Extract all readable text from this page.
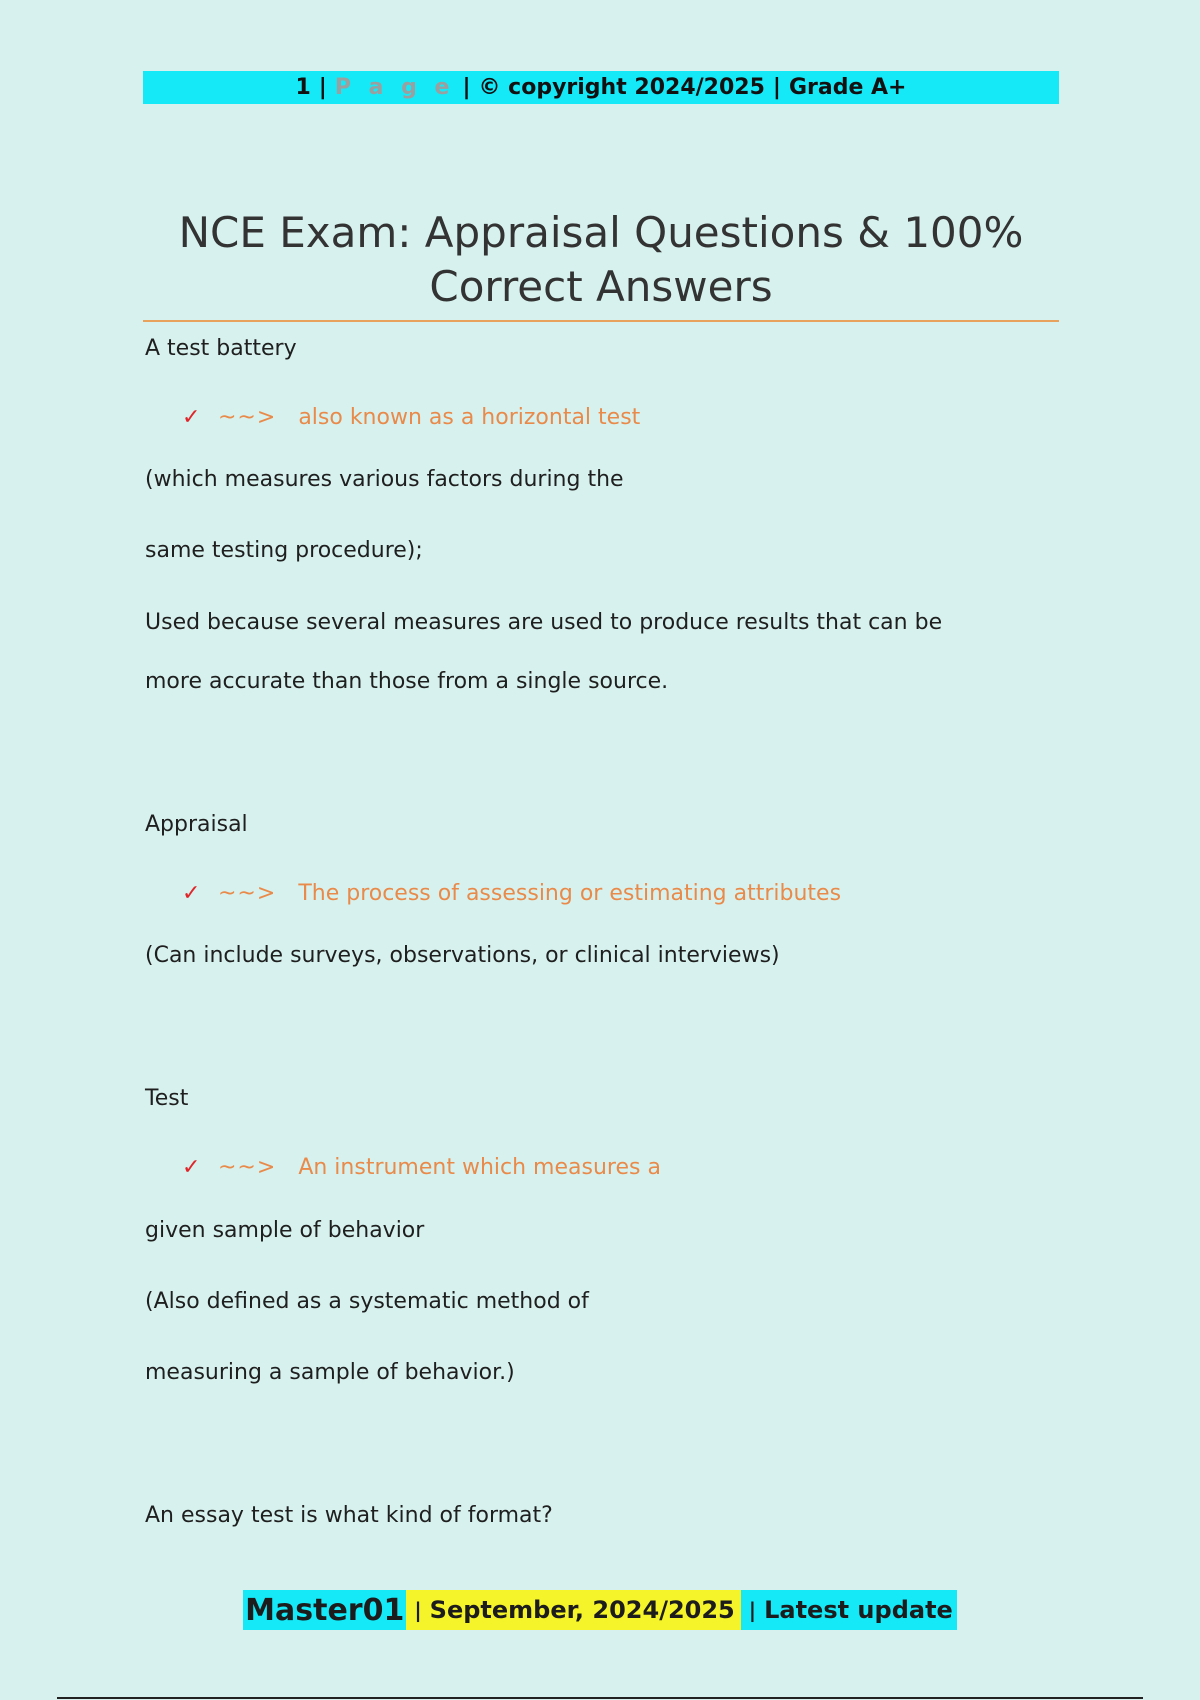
1 | P a g e | © copyright 2024/2025 | Grade A+
NCE Exam: Appraisal Questions & 100%
Correct Answers
A test battery
✓ ~~> also known as a horizontal test
(which measures various factors during the
same testing procedure);
Used because several measures are used to produce results that can be
more accurate than those from a single source.
Appraisal
✓ ~~> The process of assessing or estimating attributes
(Can include surveys, observations, or clinical interviews)
Test
✓ ~~> An instrument which measures a
given sample of behavior
(Also defined as a systematic method of
measuring a sample of behavior.)
An essay test is what kind of format?
Master01 | September, 2024/2025 | Latest update
